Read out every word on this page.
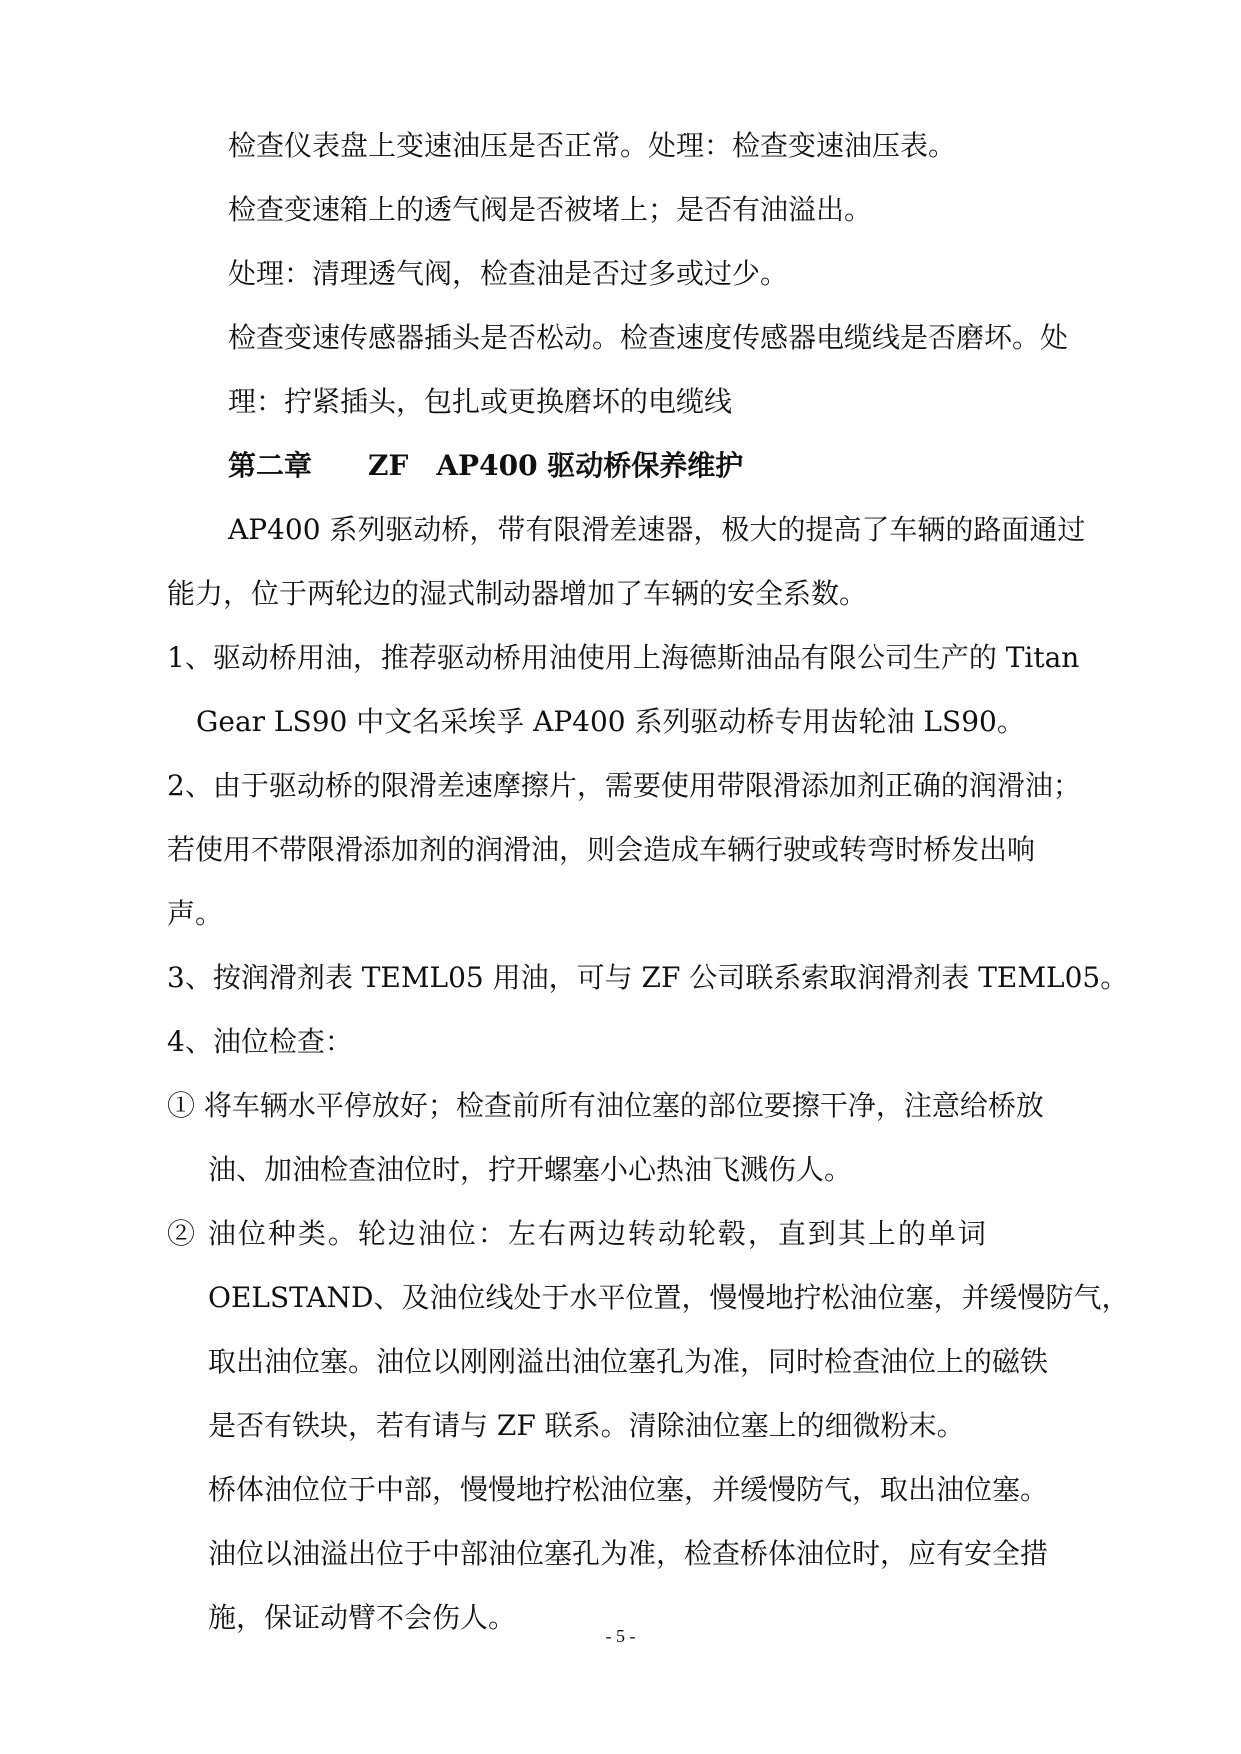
检查仪表盘上变速油压是否正常。处理：检查变速油压表。

检查变速箱上的透气阀是否被堵上；是否有油溢出。

处理：清理透气阀，检查油是否过多或过少。

检查变速传感器插头是否松动。检查速度传感器电缆线是否磨坏。处

理：拧紧插头，包扎或更换磨坏的电缆线

第二章　　ZF　AP400 驱动桥保养维护

AP400 系列驱动桥，带有限滑差速器，极大的提高了车辆的路面通过

能力，位于两轮边的湿式制动器增加了车辆的安全系数。

1、驱动桥用油，推荐驱动桥用油使用上海德斯油品有限公司生产的 Titan

Gear LS90 中文名采埃孚 AP400 系列驱动桥专用齿轮油 LS90。

2、由于驱动桥的限滑差速摩擦片，需要使用带限滑添加剂正确的润滑油；

若使用不带限滑添加剂的润滑油，则会造成车辆行驶或转弯时桥发出响

声。

3、按润滑剂表 TEML05 用油，可与 ZF 公司联系索取润滑剂表 TEML05。

4、油位检查：

① 将车辆水平停放好；检查前所有油位塞的部位要擦干净，注意给桥放

油、加油检查油位时，拧开螺塞小心热油飞溅伤人。

② 油位种类。轮边油位：左右两边转动轮毂，直到其上的单词

OELSTAND、及油位线处于水平位置，慢慢地拧松油位塞，并缓慢防气，

取出油位塞。油位以刚刚溢出油位塞孔为准，同时检查油位上的磁铁

是否有铁块，若有请与 ZF 联系。清除油位塞上的细微粉末。

桥体油位位于中部，慢慢地拧松油位塞，并缓慢防气，取出油位塞。

油位以油溢出位于中部油位塞孔为准，检查桥体油位时，应有安全措

施，保证动臂不会伤人。

- 5 -
